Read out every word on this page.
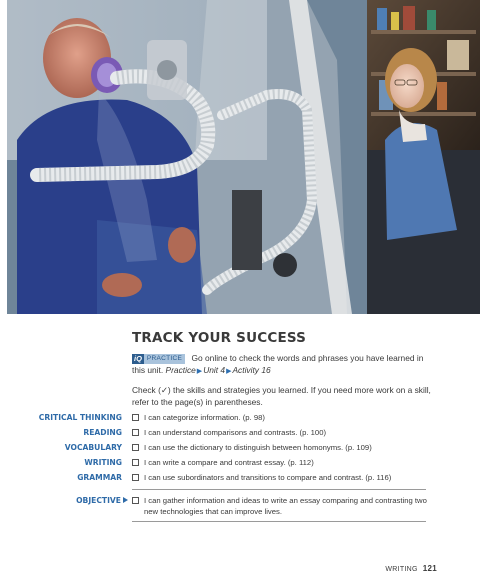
TRACK YOUR SUCCESS
iQ PRACTICE	Go online to check the words and phrases you have learned in this unit. Practice▶Unit 4▶Activity 16
Check (✓) the skills and strategies you learned. If you need more work on a skill, refer to the page(s) in parentheses.
CRITICAL THINKING	I can categorize information. (p. 98)
READING	I can understand comparisons and contrasts. (p. 100)
VOCABULARY	I can use the dictionary to distinguish between homonyms. (p. 109)
WRITING	I can write a compare and contrast essay. (p. 112)
GRAMMAR	I can use subordinators and transitions to compare and contrast. (p. 116)
OBJECTIVE	I can gather information and ideas to write an essay comparing and contrasting two new technologies that can improve lives.
WRITING 121
